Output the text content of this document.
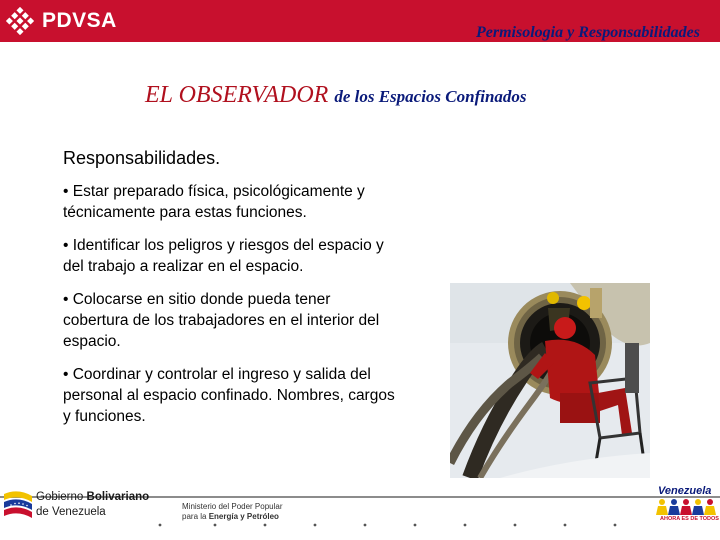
PDVSA
Permisologia y Responsabilidades
EL OBSERVADOR de los Espacios Confinados
Responsabilidades.
• Estar preparado física, psicológicamente y técnicamente para estas funciones.
• Identificar los peligros y riesgos del espacio y del trabajo a realizar en el espacio.
• Colocarse en sitio donde pueda tener cobertura de los trabajadores en el interior del espacio.
• Coordinar y controlar el ingreso y salida del personal al espacio confinado. Nombres, cargos y funciones.
Gobierno Bolivariano
de Venezuela	Ministerio del Poder Popular
para la Energía y Petróleo
Venezuela
AHORA ES DE TODOS
